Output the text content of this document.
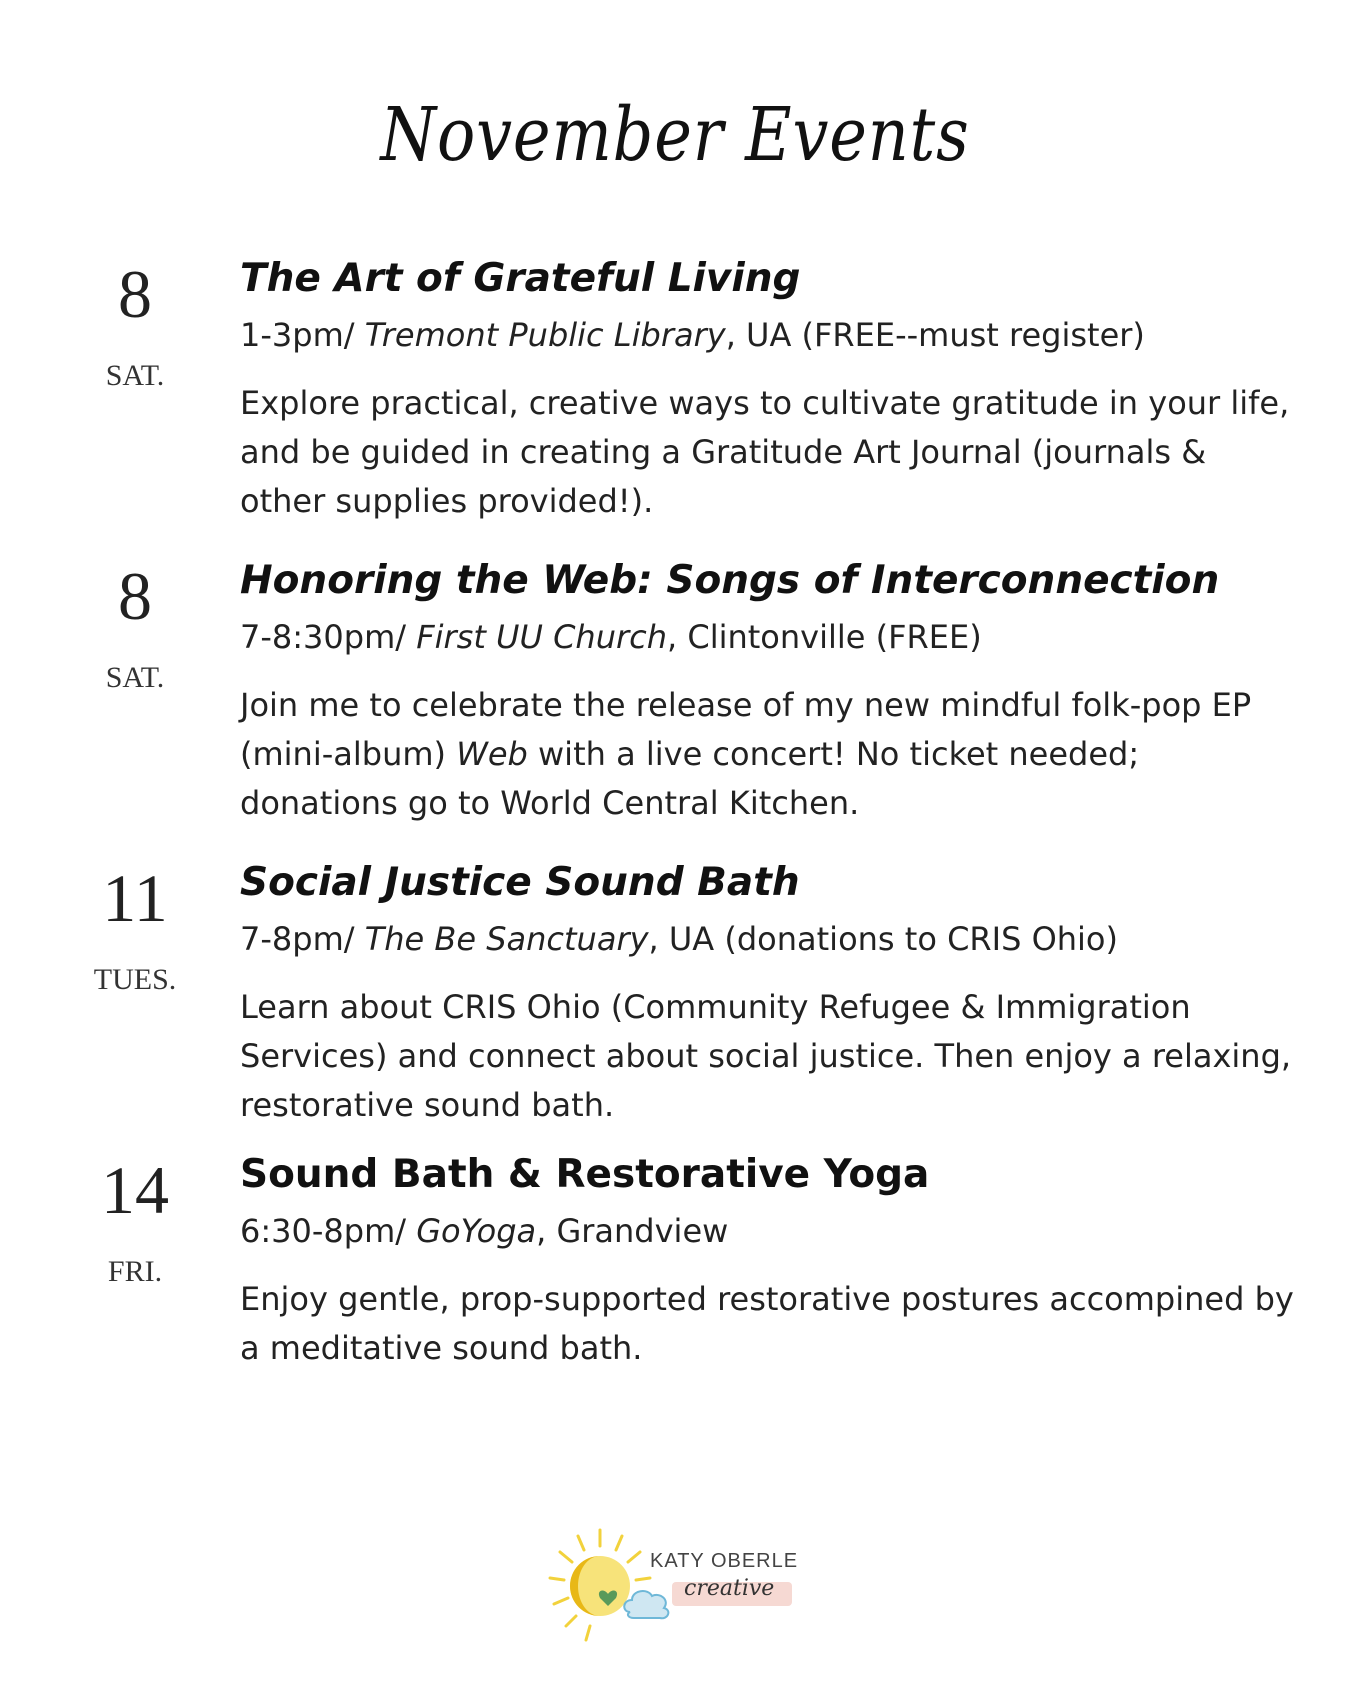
November Events
8
SAT.
The Art of Grateful Living
1-3pm/ Tremont Public Library, UA (FREE--must register)
Explore practical, creative ways to cultivate gratitude in your life, and be guided in creating a Gratitude Art Journal (journals & other supplies provided!).
8
SAT.
Honoring the Web: Songs of Interconnection
7-8:30pm/ First UU Church, Clintonville (FREE)
Join me to celebrate the release of my new mindful folk-pop EP (mini-album) Web with a live concert! No ticket needed; donations go to World Central Kitchen.
11
TUES.
Social Justice Sound Bath
7-8pm/ The Be Sanctuary, UA (donations to CRIS Ohio)
Learn about CRIS Ohio (Community Refugee & Immigration Services) and connect about social justice. Then enjoy a relaxing, restorative sound bath.
14
FRI.
Sound Bath & Restorative Yoga
6:30-8pm/ GoYoga, Grandview
Enjoy gentle, prop-supported restorative postures accompined by a meditative sound bath.
KATY OBERLE
creative
